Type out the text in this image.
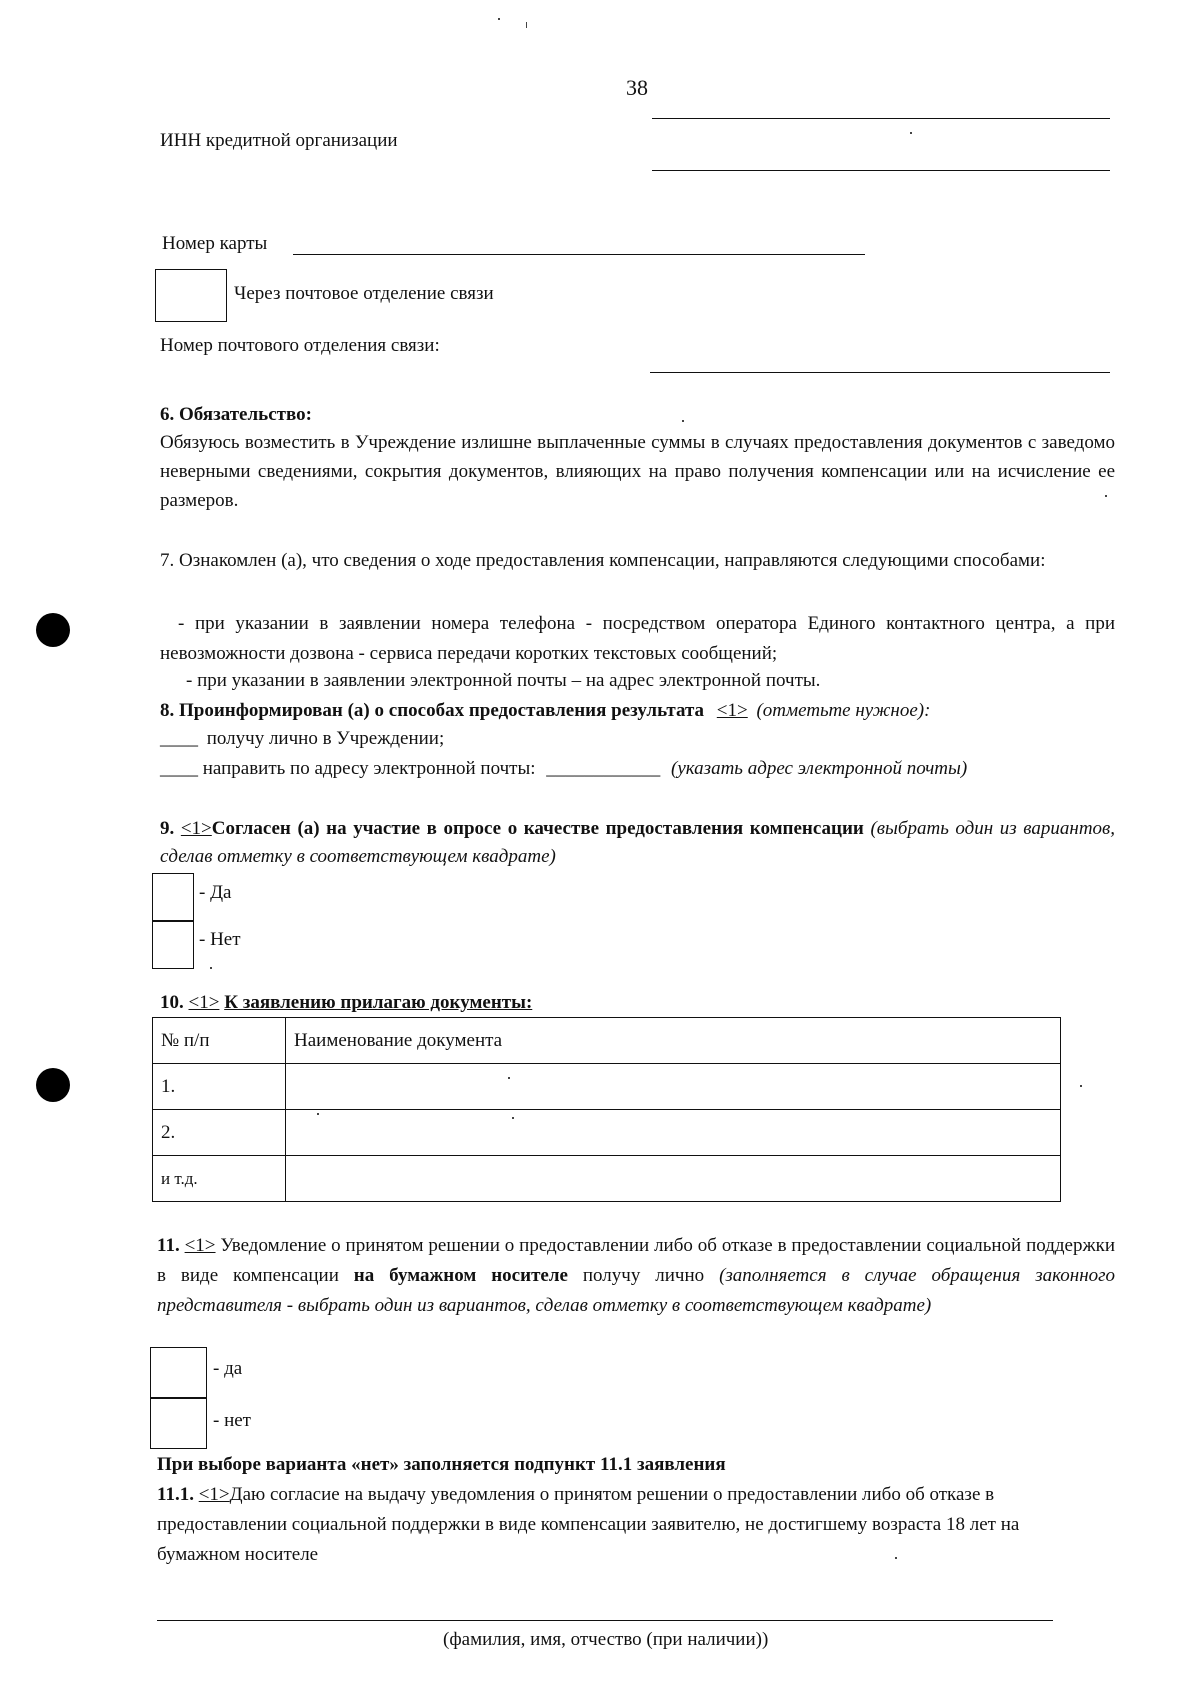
38
ИНН кредитной организации
Номер карты
Через почтовое отделение связи
Номер почтового отделения связи:
6. Обязательство:
Обязуюсь возместить в Учреждение излишне выплаченные суммы в случаях предоставления документов с заведомо неверными сведениями, сокрытия документов, влияющих на право получения компенсации или на исчисление ее размеров.
7. Ознакомлен (а), что сведения о ходе предоставления компенсации, направляются следующими способами:
- при указании в заявлении номера телефона - посредством оператора Единого контактного центра, а при невозможности дозвона - сервиса передачи коротких текстовых сообщений;
- при указании в заявлении электронной почты – на адрес электронной почты.
8. Проинформирован (а) о способах предоставления результата <1> (отметьте нужное):
____ получу лично в Учреждении;
____ направить по адресу электронной почты: ____________ (указать адрес электронной почты)
9. <1>Согласен (а) на участие в опросе о качестве предоставления компенсации (выбрать один из вариантов, сделав отметку в соответствующем квадрате)
- Да
- Нет
10. <1> К заявлению прилагаю документы:
№ п/п	Наименование документа
1.	
2.	
и т.д.	
11. <1> Уведомление о принятом решении о предоставлении либо об отказе в предоставлении социальной поддержки в виде компенсации на бумажном носителе получу лично (заполняется в случае обращения законного представителя - выбрать один из вариантов, сделав отметку в соответствующем квадрате)
- да
- нет
При выборе варианта «нет» заполняется подпункт 11.1 заявления
11.1. <1>Даю согласие на выдачу уведомления о принятом решении о предоставлении либо об отказе в предоставлении социальной поддержки в виде компенсации заявителю, не достигшему возраста 18 лет на бумажном носителе
(фамилия, имя, отчество (при наличии))
